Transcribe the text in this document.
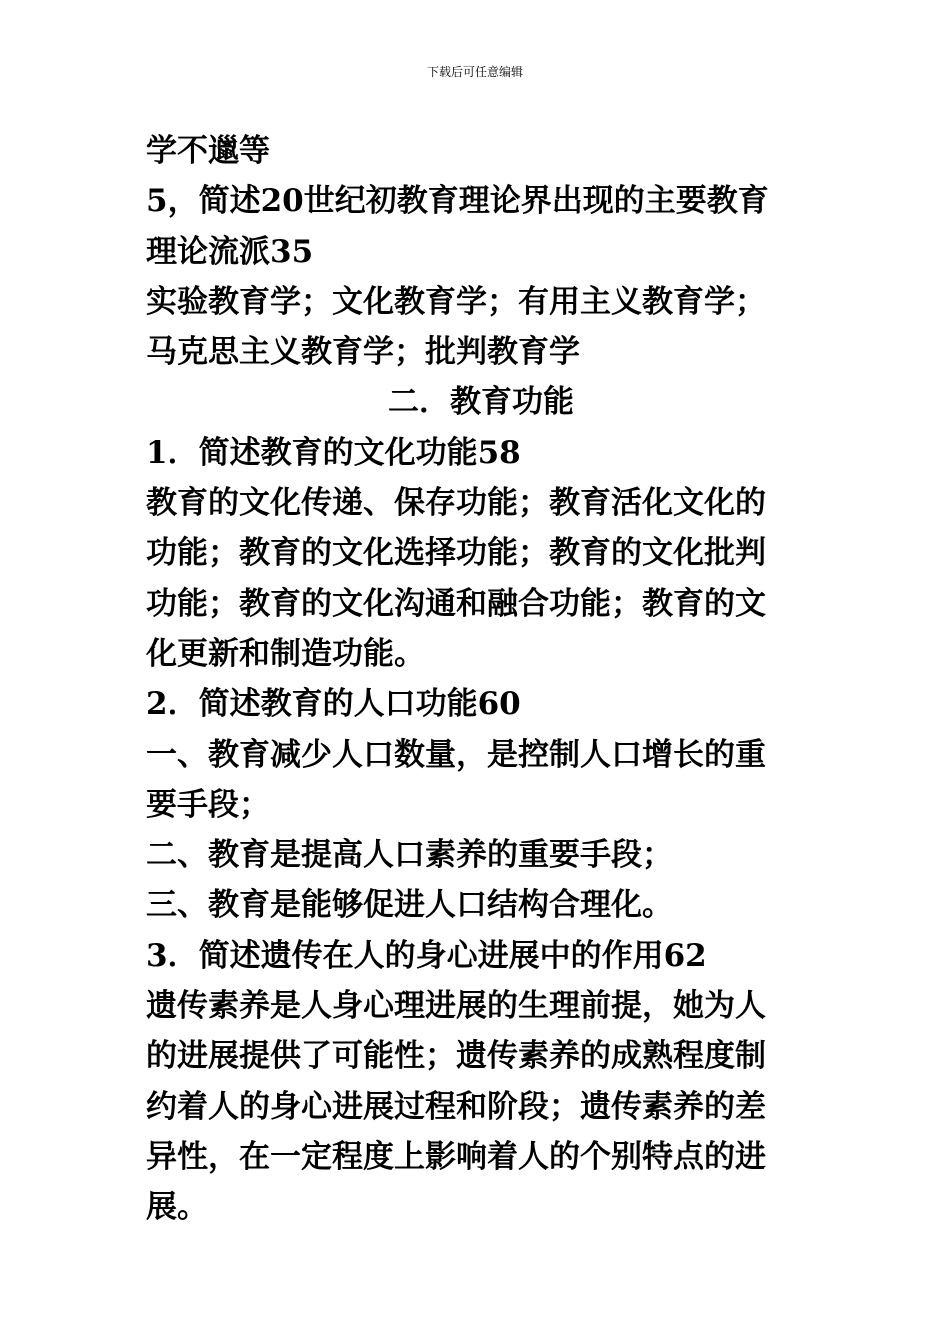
下载后可任意编辑
学不邋等
5，简述20世纪初教育理论界出现的主要教育
理论流派35
实验教育学；文化教育学；有用主义教育学；
马克思主义教育学；批判教育学
二．教育功能
1．简述教育的文化功能58
教育的文化传递、保存功能；教育活化文化的
功能；教育的文化选择功能；教育的文化批判
功能；教育的文化沟通和融合功能；教育的文
化更新和制造功能。
2．简述教育的人口功能60
一、教育减少人口数量，是控制人口增长的重
要手段；
二、教育是提高人口素养的重要手段；
三、教育是能够促进人口结构合理化。
3．简述遗传在人的身心进展中的作用62
遗传素养是人身心理进展的生理前提，她为人
的进展提供了可能性；遗传素养的成熟程度制
约着人的身心进展过程和阶段；遗传素养的差
异性，在一定程度上影响着人的个别特点的进
展。
